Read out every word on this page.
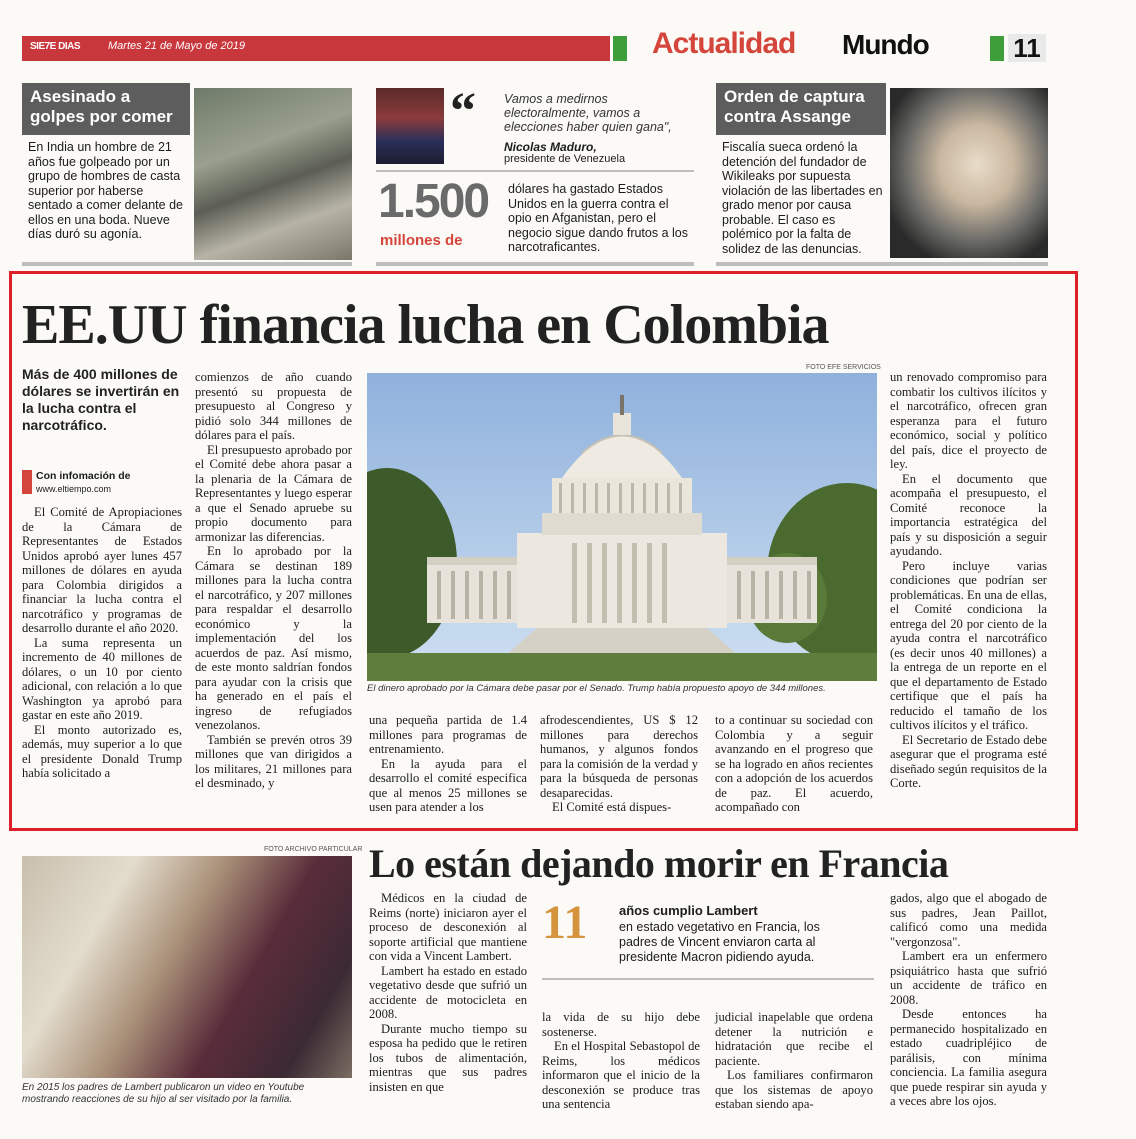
SIE7E DIAS	Martes 21 de Mayo de 2019	Actualidad Mundo	11
Asesinado a golpes por comer
En India un hombre de 21 años fue golpeado por un grupo de hombres de casta superior por haberse sentado a comer delante de ellos en una boda. Nueve días duró su agonía.
“ Vamos a medirnos electoralmente, vamos a elecciones haber quien gana",
Nicolas Maduro,
presidente de Venezuela
1.500
millones de
dólares ha gastado Estados Unidos en la guerra contra el opio en Afganistan, pero el negocio sigue dando frutos a los narcotraficantes.
Orden de captura contra Assange
Fiscalía sueca ordenó la detención del fundador de Wikileaks por supuesta violación de las libertades en grado menor por causa probable. El caso es polémico por la falta de solidez de las denuncias.
EE.UU financia lucha en Colombia
Más de 400 millones de dólares se invertirán en la lucha contra el narcotráfico.
Con infomación de
www.eltiempo.com
FOTO EFE SERVICIOS
El dinero aprobado por la Cámara debe pasar por el Senado. Trump había propuesto apoyo de 344 millones.

El Comité de Apropiaciones de la Cámara de Representantes de Estados Unidos aprobó ayer lunes 457 millones de dólares en ayuda para Colombia dirigidos a financiar la lucha contra el narcotráfico y programas de desarrollo durante el año 2020.

La suma representa un incremento de 40 millones de dólares, o un 10 por ciento adicional, con relación a lo que Washington ya aprobó para gastar en este año 2019.

El monto autorizado es, además, muy superior a lo que el presidente Donald Trump había solicitado a

comienzos de año cuando presentó su propuesta de presupuesto al Congreso y pidió solo 344 millones de dólares para el país.

El presupuesto aprobado por el Comité debe ahora pasar a la plenaria de la Cámara de Representantes y luego esperar a que el Senado apruebe su propio documento para armonizar las diferencias.

En lo aprobado por la Cámara se destinan 189 millones para la lucha contra el narcotráfico, y 207 millones para respaldar el desarrollo económico y la implementación del los acuerdos de paz. Así mismo, de este monto saldrían fondos para ayudar con la crisis que ha generado en el país el ingreso de refugiados venezolanos.

También se prevén otros 39 millones que van dirigidos a los militares, 21 millones para el desminado, y

una pequeña partida de 1.4 millones para programas de entrenamiento.

En la ayuda para el desarrollo el comité especifica que al menos 25 millones se usen para atender a los

afrodescendientes, US $ 12 millones para derechos humanos, y algunos fondos para la comisión de la verdad y para la búsqueda de personas desaparecidas.

El Comité está dispues-

to a continuar su sociedad con Colombia y a seguir avanzando en el progreso que se ha logrado en años recientes con a adopción de los acuerdos de paz. El acuerdo, acompañado con

un renovado compromiso para combatir los cultivos ilícitos y el narcotráfico, ofrecen gran esperanza para el futuro económico, social y político del país, dice el proyecto de ley.

En el documento que acompaña el presupuesto, el Comité reconoce la importancia estratégica del país y su disposición a seguir ayudando.

Pero incluye varias condiciones que podrían ser problemáticas. En una de ellas, el Comité condiciona la entrega del 20 por ciento de la ayuda contra el narcotráfico (es decir unos 40 millones) a la entrega de un reporte en el que el departamento de Estado certifique que el país ha reducido el tamaño de los cultivos ilícitos y el tráfico.

El Secretario de Estado debe asegurar que el programa esté diseñado según requisitos de la Corte.

FOTO ARCHIVO PARTICULAR
En 2015 los padres de Lambert publicaron un video en Youtube mostrando reacciones de su hijo al ser visitado por la familia.
Lo están dejando morir en Francia

Médicos en la ciudad de Reims (norte) iniciaron ayer el proceso de desconexión al soporte artificial que mantiene con vida a Vincent Lambert.

Lambert ha estado en estado vegetativo desde que sufrió un accidente de motocicleta en 2008.

Durante mucho tiempo su esposa ha pedido que le retiren los tubos de alimentación, mientras que sus padres insisten en que

11 años cumplio Lambert
en estado vegetativo en Francia, los padres de Vincent enviaron carta al presidente Macron pidiendo ayuda.

la vida de su hijo debe sostenerse.

En el Hospital Sebastopol de Reims, los médicos informaron que el inicio de la desconexión se produce tras una sentencia

judicial inapelable que ordena detener la nutrición e hidratación que recibe el paciente.

Los familiares confirmaron que los sistemas de apoyo estaban siendo apa-

gados, algo que el abogado de sus padres, Jean Paillot, calificó como una medida "vergonzosa".

Lambert era un enfermero psiquiátrico hasta que sufrió un accidente de tráfico en 2008.

Desde entonces ha permanecido hospitalizado en estado cuadripléjico de parálisis, con mínima conciencia. La familia asegura que puede respirar sin ayuda y a veces abre los ojos.
